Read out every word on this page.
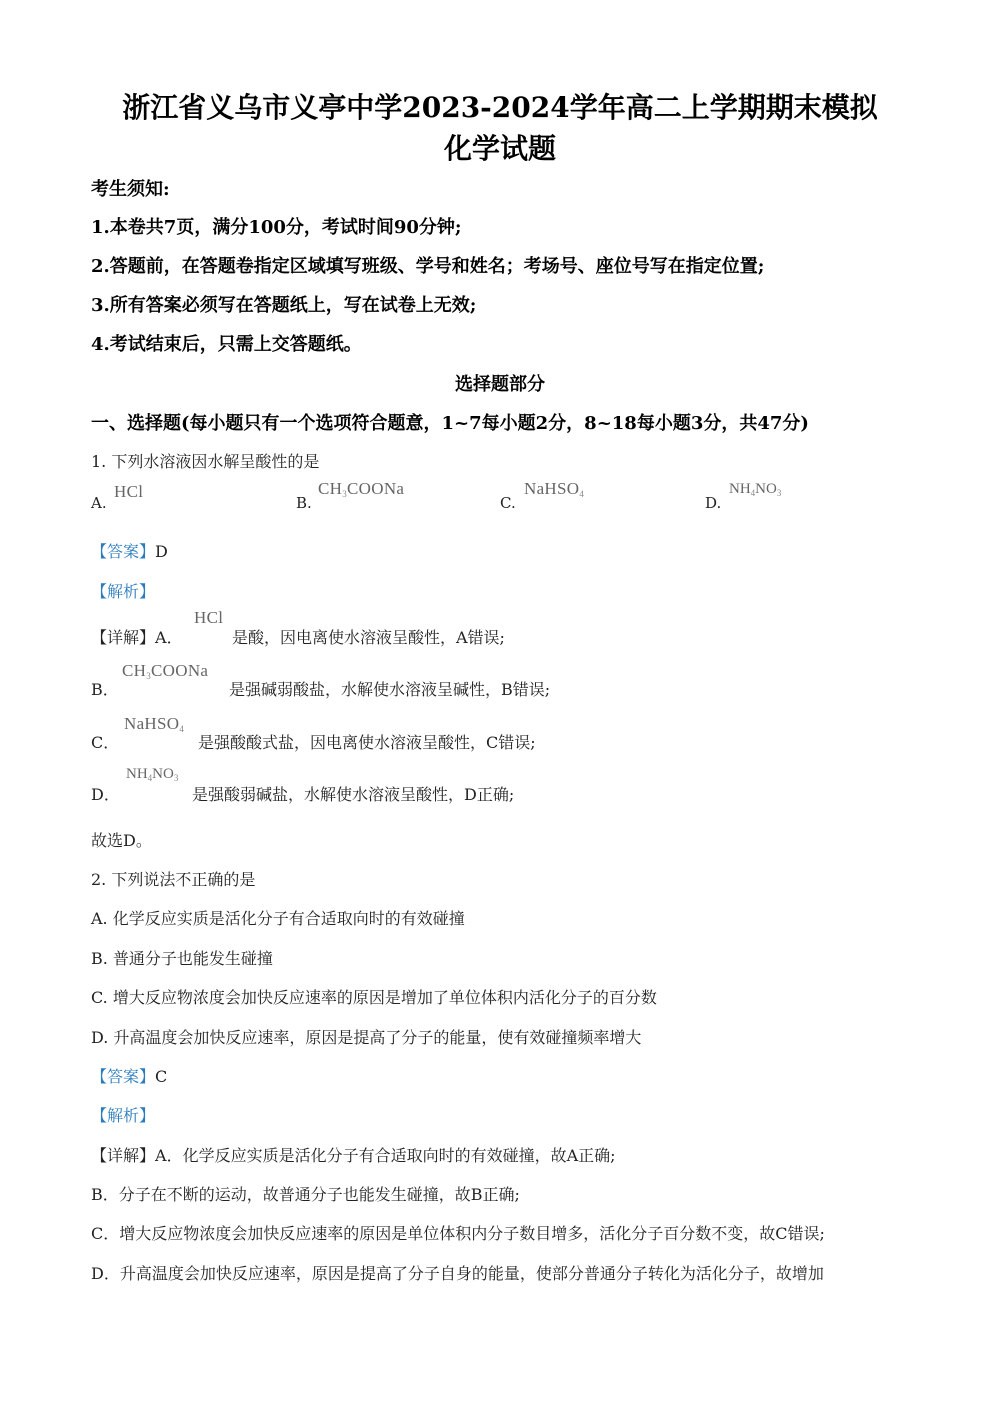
浙江省义乌市义亭中学2023-2024学年高二上学期期末模拟
化学试题
考生须知:
1.本卷共7页，满分100分，考试时间90分钟;
2.答题前，在答题卷指定区域填写班级、学号和姓名；考场号、座位号写在指定位置;
3.所有答案必须写在答题纸上，写在试卷上无效;
4.考试结束后，只需上交答题纸。
选择题部分
一、选择题(每小题只有一个选项符合题意，1~7每小题2分，8~18每小题3分，共47分)
1. 下列水溶液因水解呈酸性的是
A.
HCl
B.
$CH_3COONa$
C.
NaHSO$_4$	D.
$NH_4NO_3$
【答案】D
【解析】
【详解】A．
HCl
是酸，因电离使水溶液呈酸性，A错误;
B．
$CH_3COONa$
是强碱弱酸盐，水解使水溶液呈碱性，B错误;
C．
NaHSO$_4$
是强酸酸式盐，因电离使水溶液呈酸性，C错误;
D．
$NH_4NO_3$
是强酸弱碱盐，水解使水溶液呈酸性，D正确;
故选D。
2. 下列说法不正确的是
A. 化学反应实质是活化分子有合适取向时的有效碰撞
B. 普通分子也能发生碰撞
C. 增大反应物浓度会加快反应速率的原因是增加了单位体积内活化分子的百分数
D. 升高温度会加快反应速率，原因是提高了分子的能量，使有效碰撞频率增大
【答案】C
【解析】
【详解】A．化学反应实质是活化分子有合适取向时的有效碰撞，故A正确;
B．分子在不断的运动，故普通分子也能发生碰撞，故B正确;
C．增大反应物浓度会加快反应速率的原因是单位体积内分子数目增多，活化分子百分数不变，故C错误;
D．升高温度会加快反应速率，原因是提高了分子自身的能量，使部分普通分子转化为活化分子，故增加
